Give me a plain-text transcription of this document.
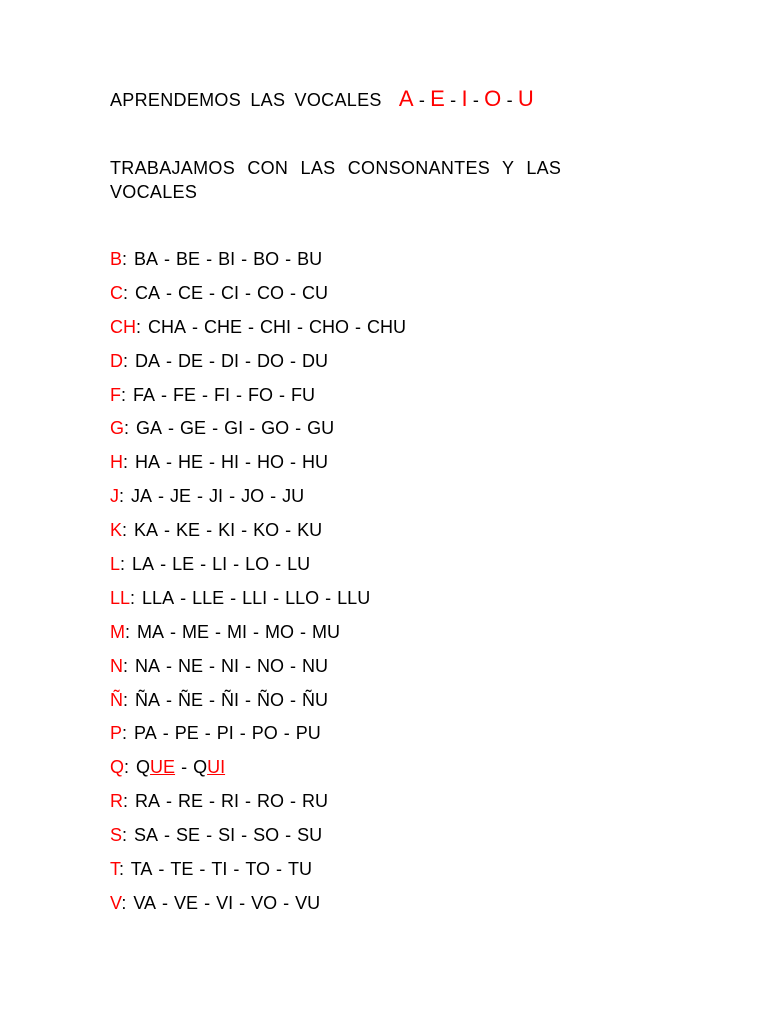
APRENDEMOS LAS VOCALES A - E - I - O - U
TRABAJAMOS CON LAS CONSONANTES Y LAS VOCALES
B: BA - BE - BI - BO - BU
C: CA - CE - CI - CO - CU
CH: CHA - CHE - CHI - CHO - CHU
D: DA - DE - DI - DO - DU
F: FA - FE - FI - FO - FU
G: GA - GE - GI - GO - GU
H: HA - HE - HI - HO - HU
J: JA - JE - JI - JO - JU
K: KA - KE - KI - KO - KU
L: LA - LE - LI - LO - LU
LL: LLA - LLE - LLI - LLO - LLU
M: MA - ME - MI - MO - MU
N: NA - NE - NI - NO - NU
Ñ: ÑA - ÑE - ÑI - ÑO - ÑU
P: PA - PE - PI - PO - PU
Q: QUE - QUI
R: RA - RE - RI - RO - RU
S: SA - SE - SI - SO - SU
T: TA - TE - TI - TO - TU
V: VA - VE - VI - VO - VU
